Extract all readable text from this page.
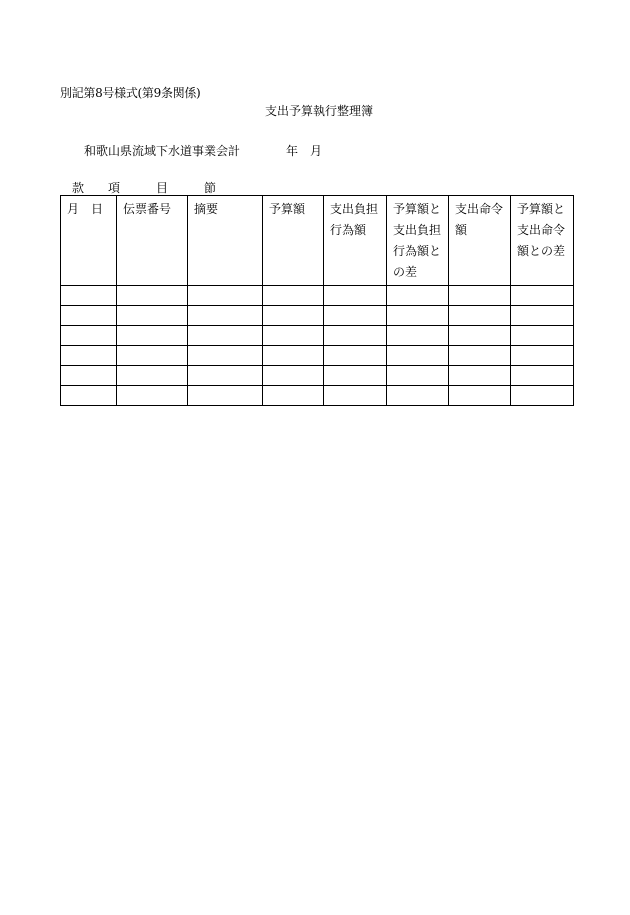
別記第8号様式(第9条関係)
支出予算執行整理簿
和歌山県流域下水道事業会計	年　月
款 項	目	節
月　日	伝票番号	摘要	予算額	支出負担行為額	予算額と支出負担行為額との差	支出命令額	予算額と支出命令額との差
